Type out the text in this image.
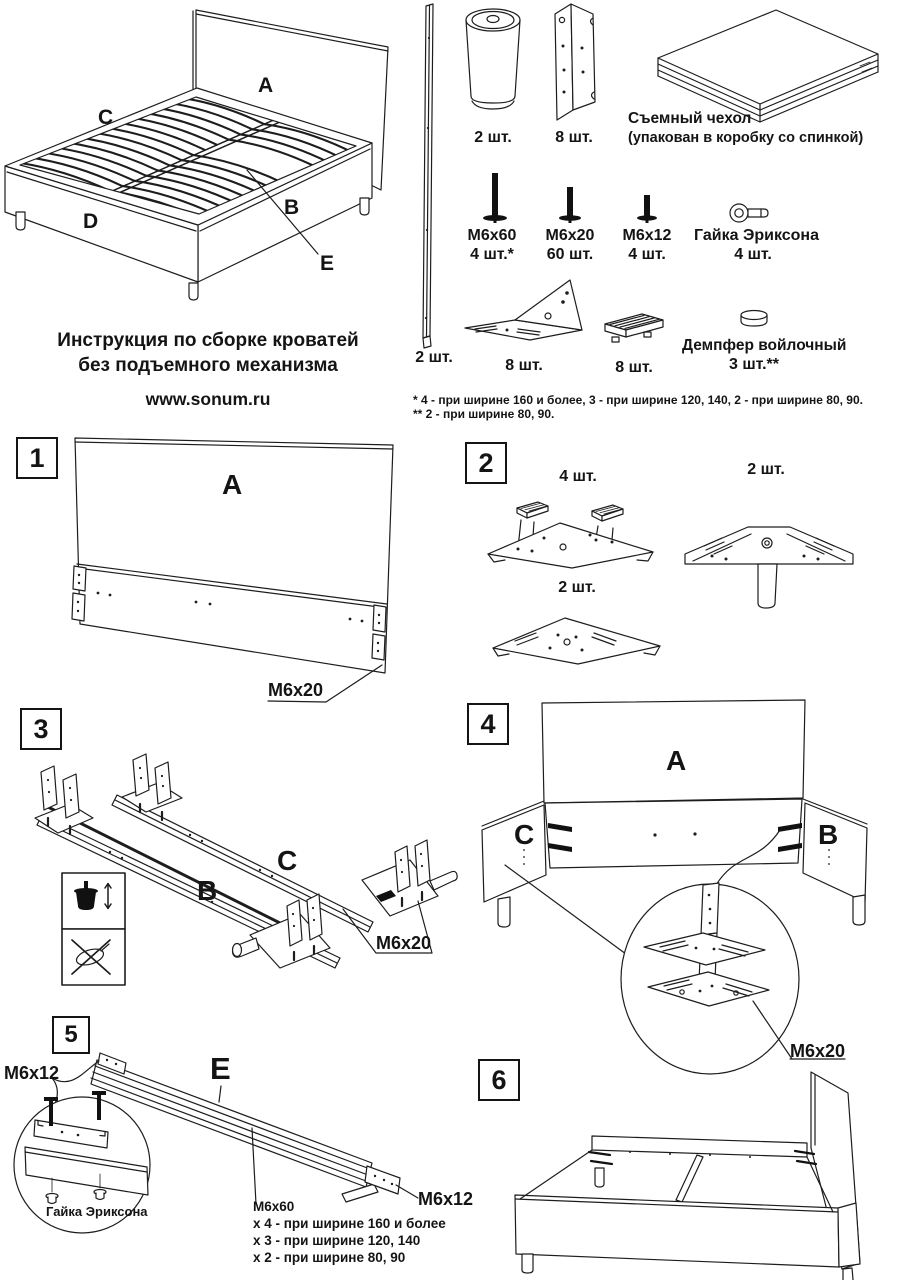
A
C
B
D
E
Инструкция по сборке кроватей
без подъемного механизма
www.sonum.ru
2 шт.
2 шт.	8 шт.
Съемный чехол
(упакован в коробку со спинкой)
М6х60
4 шт.*
М6х20
60 шт.
М6х12
4 шт.
Гайка Эриксона
4 шт.
8 шт.	8 шт.
Демпфер войлочный
3 шт.**
* 4 - при ширине 160 и более, 3 - при ширине 120, 140, 2 - при ширине 80, 90.
** 2 - при ширине 80, 90.
1
A
М6х20
2	4 шт.	2 шт.
2 шт.
3
B
C
М6х20
4
A
C	B
М6х20
5
E
М6х12
М6х12
Гайка Эриксона	М6х60
х 4 - при ширине 160 и более
х 3 - при ширине 120, 140
х 2 - при ширине 80, 90
6
